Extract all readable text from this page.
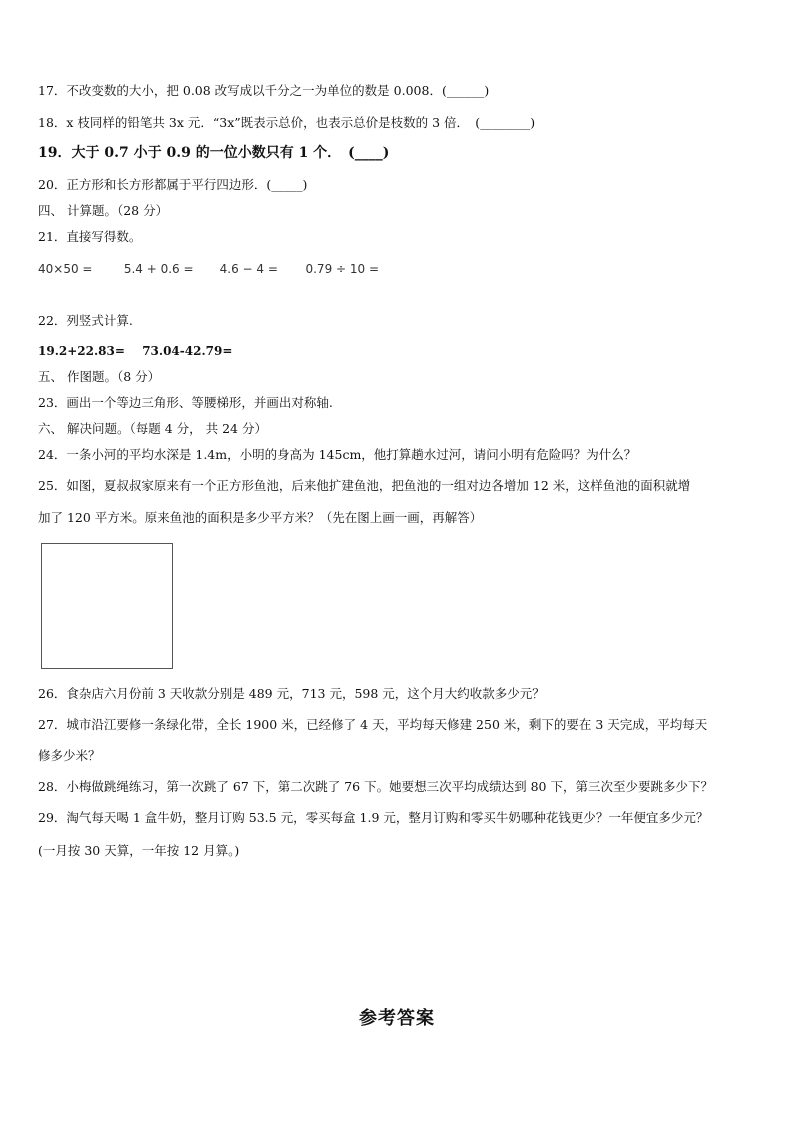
17．不改变数的大小，把 0.08 改写成以千分之一为单位的数是 0.008．(______)
18．x 枝同样的铅笔共 3x 元．“3x”既表示总价，也表示总价是枝数的 3 倍．　(________)
19．大于 0.7 小于 0.9 的一位小数只有 1 个．　(____)
20．正方形和长方形都属于平行四边形．(_____)
四、 计算题。（28 分）
21．直接写得数。
40×50 =	5.4 + 0.6 = 4.6 − 4 = 0.79 ÷ 10 =
22．列竖式计算.
19.2+22.83= 73.04-42.79=
五、 作图题。（8 分）
23．画出一个等边三角形、等腰梯形，并画出对称轴.
六、 解决问题。（每题 4 分， 共 24 分）
24．一条小河的平均水深是 1.4m，小明的身高为 145cm，他打算趟水过河，请问小明有危险吗？为什么？
25．如图，夏叔叔家原来有一个正方形鱼池，后来他扩建鱼池，把鱼池的一组对边各增加 12 米，这样鱼池的面积就增
加了 120 平方米。原来鱼池的面积是多少平方米？（先在图上画一画，再解答）
26．食杂店六月份前 3 天收款分别是 489 元，713 元，598 元，这个月大约收款多少元？
27．城市沿江要修一条绿化带，全长 1900 米，已经修了 4 天，平均每天修建 250 米，剩下的要在 3 天完成，平均每天
修多少米？
28．小梅做跳绳练习，第一次跳了 67 下，第二次跳了 76 下。她要想三次平均成绩达到 80 下，第三次至少要跳多少下？
29．淘气每天喝 1 盒牛奶，整月订购 53.5 元，零买每盒 1.9 元，整月订购和零买牛奶哪种花钱更少？一年便宜多少元？
(一月按 30 天算，一年按 12 月算。)
参考答案
